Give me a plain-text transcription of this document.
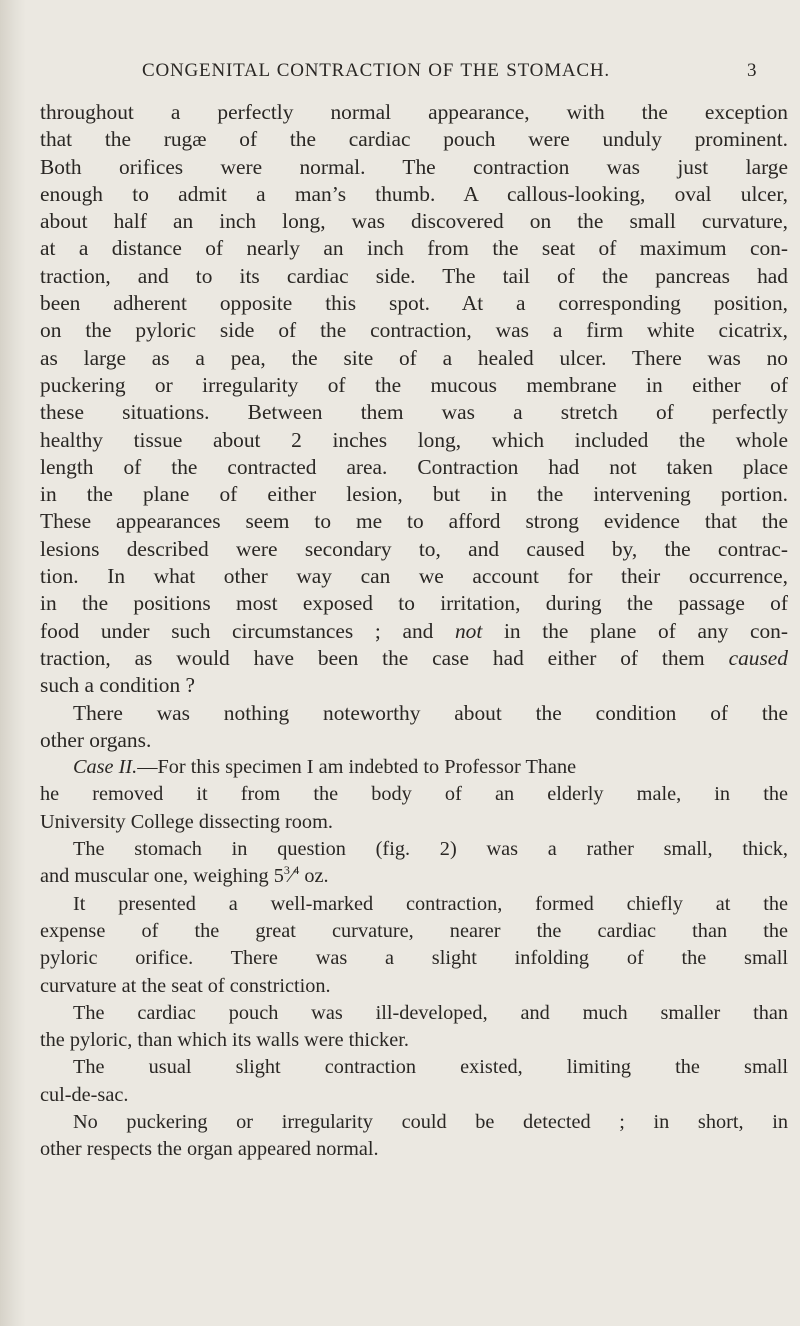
CONGENITAL CONTRACTION OF THE STOMACH.	3
throughout a perfectly normal appearance, with the exception
that the rugæ of the cardiac pouch were unduly prominent.
Both orifices were normal. The contraction was just large
enough to admit a man’s thumb. A callous-looking, oval ulcer,
about half an inch long, was discovered on the small curvature,
at a distance of nearly an inch from the seat of maximum con-
traction, and to its cardiac side. The tail of the pancreas had
been adherent opposite this spot. At a corresponding position,
on the pyloric side of the contraction, was a firm white cicatrix,
as large as a pea, the site of a healed ulcer. There was no
puckering or irregularity of the mucous membrane in either of
these situations. Between them was a stretch of perfectly
healthy tissue about 2 inches long, which included the whole
length of the contracted area. Contraction had not taken place
in the plane of either lesion, but in the intervening portion.
These appearances seem to me to afford strong evidence that the
lesions described were secondary to, and caused by, the contrac-
tion. In what other way can we account for their occurrence,
in the positions most exposed to irritation, during the passage of
food under such circumstances ; and not in the plane of any con-
traction, as would have been the case had either of them caused
such a condition ?
There was nothing noteworthy about the condition of the
other organs.
Case II.—For this specimen I am indebted to Professor Thane
he removed it from the body of an elderly male, in the
University College dissecting room.
The stomach in question (fig. 2) was a rather small, thick,
and muscular one, weighing $5^3⁄^4$ oz.
It presented a well-marked contraction, formed chiefly at the
expense of the great curvature, nearer the cardiac than the
pyloric orifice. There was a slight infolding of the small
curvature at the seat of constriction.
The cardiac pouch was ill-developed, and much smaller than
the pyloric, than which its walls were thicker.
The usual slight contraction existed, limiting the small
cul-de-sac.
No puckering or irregularity could be detected ; in short, in
other respects the organ appeared normal.
